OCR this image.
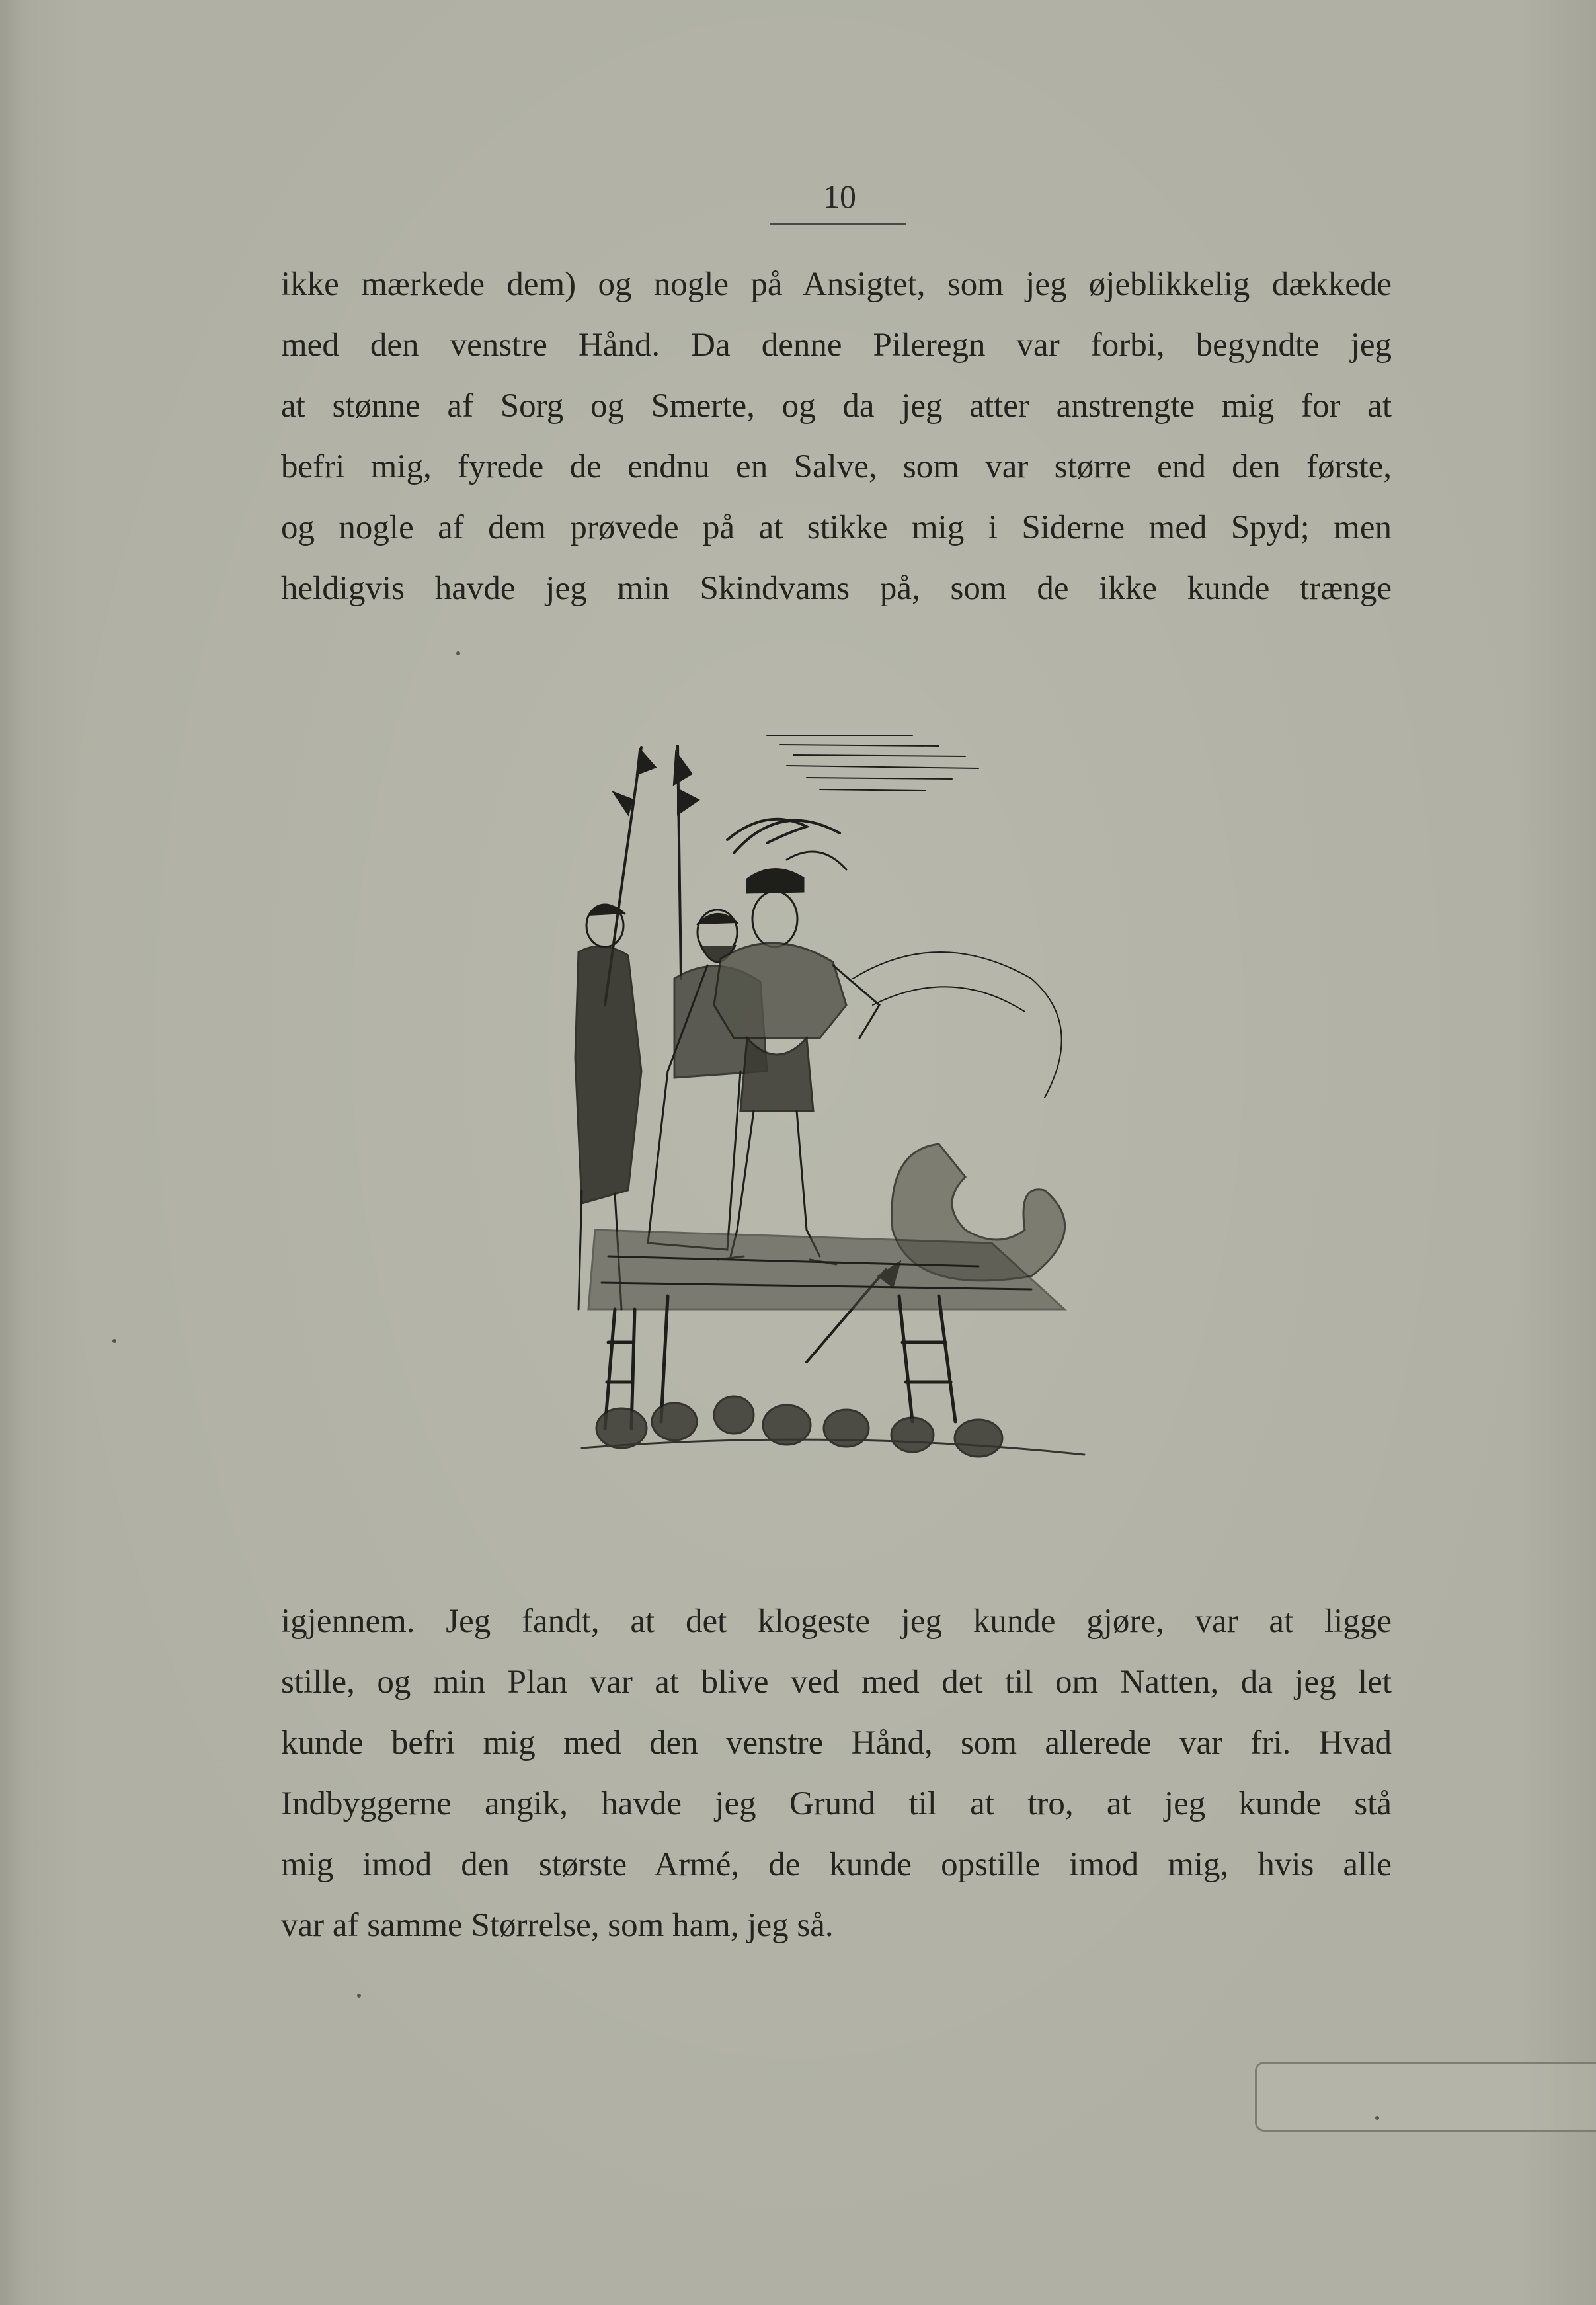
10
ikke mærkede dem) og nogle på Ansigtet, som jeg øjeblikkelig dækkede
med den venstre Hånd. Da denne Pileregn var forbi, begyndte jeg
at stønne af Sorg og Smerte, og da jeg atter anstrengte mig for at
befri mig, fyrede de endnu en Salve, som var større end den første,
og nogle af dem prøvede på at stikke mig i Siderne med Spyd; men
heldigvis havde jeg min Skindvams på, som de ikke kunde trænge
igjennem. Jeg fandt, at det klogeste jeg kunde gjøre, var at ligge
stille, og min Plan var at blive ved med det til om Natten, da jeg let
kunde befri mig med den venstre Hånd, som allerede var fri. Hvad
Indbyggerne angik, havde jeg Grund til at tro, at jeg kunde stå
mig imod den største Armé, de kunde opstille imod mig, hvis alle
var af samme Størrelse, som ham, jeg så.
